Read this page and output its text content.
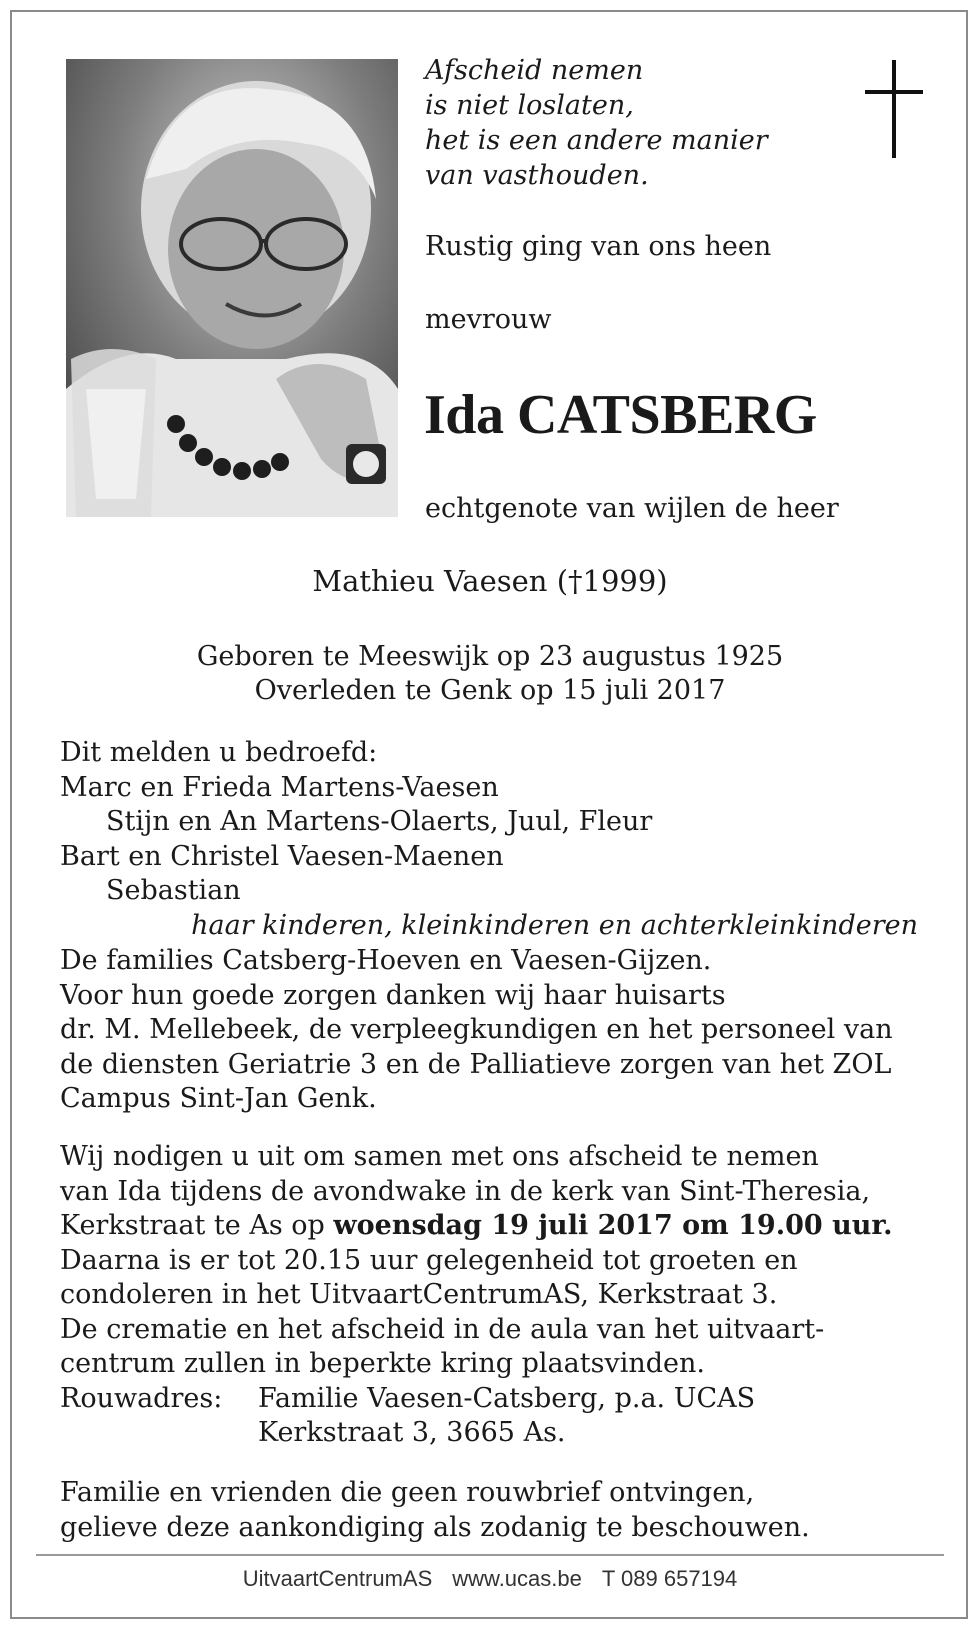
Afscheid nemen
is niet loslaten,
het is een andere manier
van vasthouden.
Rustig ging van ons heen
mevrouw
Ida CATSBERG
echtgenote van wijlen de heer
Mathieu Vaesen (†1999)
Geboren te Meeswijk op 23 augustus 1925
Overleden te Genk op 15 juli 2017
Dit melden u bedroefd:
Marc en Frieda Martens-Vaesen
Stijn en An Martens-Olaerts, Juul, Fleur
Bart en Christel Vaesen-Maenen
Sebastian
haar kinderen, kleinkinderen en achterkleinkinderen
De families Catsberg-Hoeven en Vaesen-Gijzen.
Voor hun goede zorgen danken wij haar huisarts
dr. M. Mellebeek, de verpleegkundigen en het personeel van
de diensten Geriatrie 3 en de Palliatieve zorgen van het ZOL
Campus Sint-Jan Genk.
Wij nodigen u uit om samen met ons afscheid te nemen
van Ida tijdens de avondwake in de kerk van Sint-Theresia,
Kerkstraat te As op woensdag 19 juli 2017 om 19.00 uur.
Daarna is er tot 20.15 uur gelegenheid tot groeten en
condoleren in het UitvaartCentrumAS, Kerkstraat 3.
De crematie en het afscheid in de aula van het uitvaart-
centrum zullen in beperkte kring plaatsvinden.
Rouwadres: Familie Vaesen-Catsberg, p.a. UCAS
Kerkstraat 3, 3665 As.
Familie en vrienden die geen rouwbrief ontvingen,
gelieve deze aankondiging als zodanig te beschouwen.
UitvaartCentrumAS www.ucas.be T 089 657194
